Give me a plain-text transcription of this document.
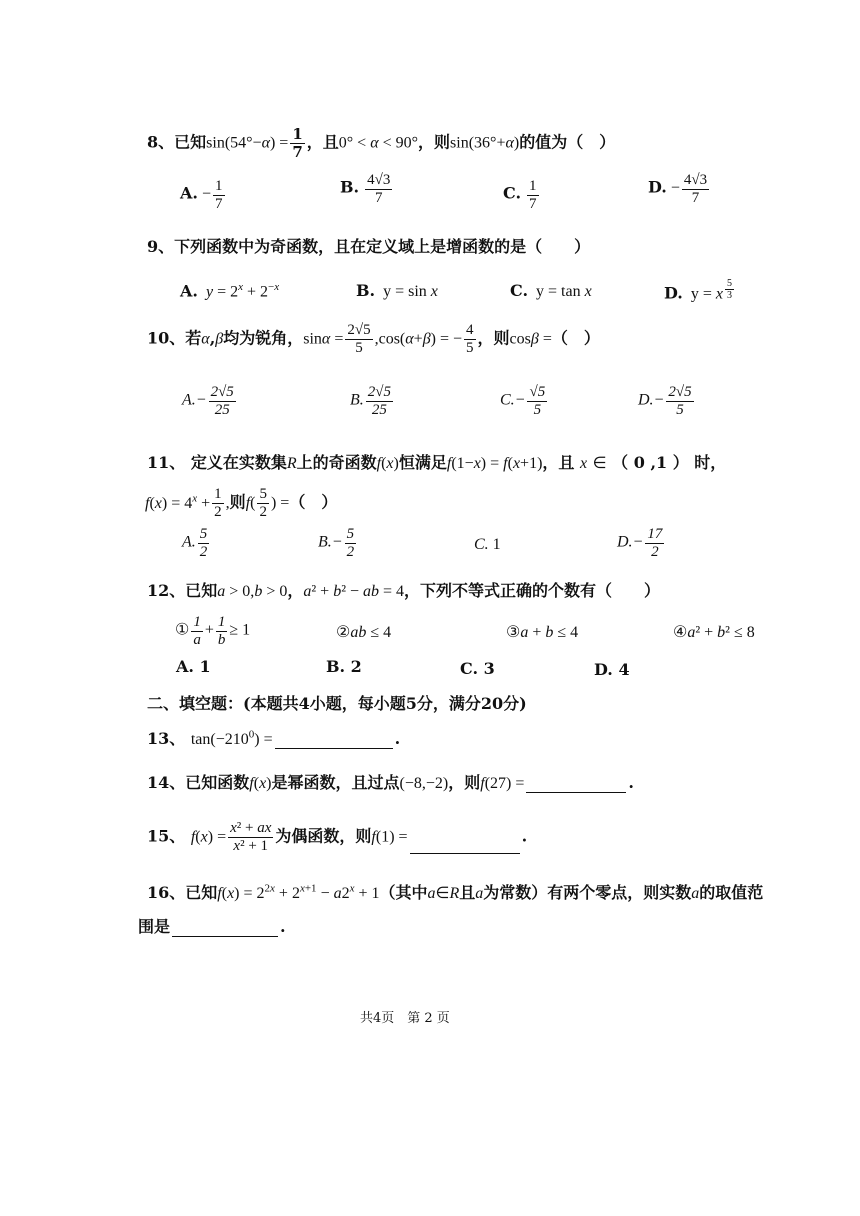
8、已知$\sin(54^\circ-\alpha) = \frac{1}{7}$ ，且0° < α < 90°，则sin(36°+α)的值为（　）
A. − $\frac{1}{7}$	B. $\frac{4√3}{7}$	C. $\frac{1}{7}$	D. − $\frac{4√3}{7}$
9、下列函数中为奇函数，且在定义域上是增函数的是（　　）
A. $y = 2^x + 2^{-x}$	B.  y = sin x	C.  y = tan x	D.  y = x $^{\frac{5}{3}}$
10、若α,β均为锐角，$\sin\alpha = \frac{2√5}{5} ,\cos(\alpha+\beta)$ = − $\frac{4}{5}$ ，则cosβ =（　）
$A.- \frac{2√5}{25}$	B. $\frac{2√5}{25}$	$C.- \frac{√5}{5}$	$D.- \frac{2√5}{5}$
11、 定义在实数集R上的奇函数f(x)恒满足f(1−x) = f(x+1)，且 x ∈ （ 0 ,1 ） 时，
$f(x) = 4^x + \frac{1}{2}$ ,则$f( \frac{5}{2}$ ) =（　）
A. $\frac{5}{2}$	$B.- \frac{5}{2}$	C. 1	$D.- \frac{17}{2}$
12、已知a > 0,b > 0，a² + b² − ab = 4，下列不等式正确的个数有（　　）
① $\frac{1}{a} + \frac{1}{b} \ge 1$	②ab ≤ 4	③a + b ≤ 4	④a² + b² ≤ 8
A. 1	B. 2	C. 3	D. 4
二、填空题：(本题共4小题，每小题5分，满分20分)
13、 $\tan(-210^0)$ =	.
14、已知函数f(x)是幂函数，且过点(−8,−2)，则f(27) =	.
15、 $f(x) = \frac{\text{x² + ax}}{\text{x² + 1}}$ 为偶函数，则f(1) =	.
16、已知$f(x) = 2^{2x} + 2^{x+1} - a2^x + 1$（其中a∈R且a为常数）有两个零点，则实数a的取值范
围是	.
共4页　第 2 页
